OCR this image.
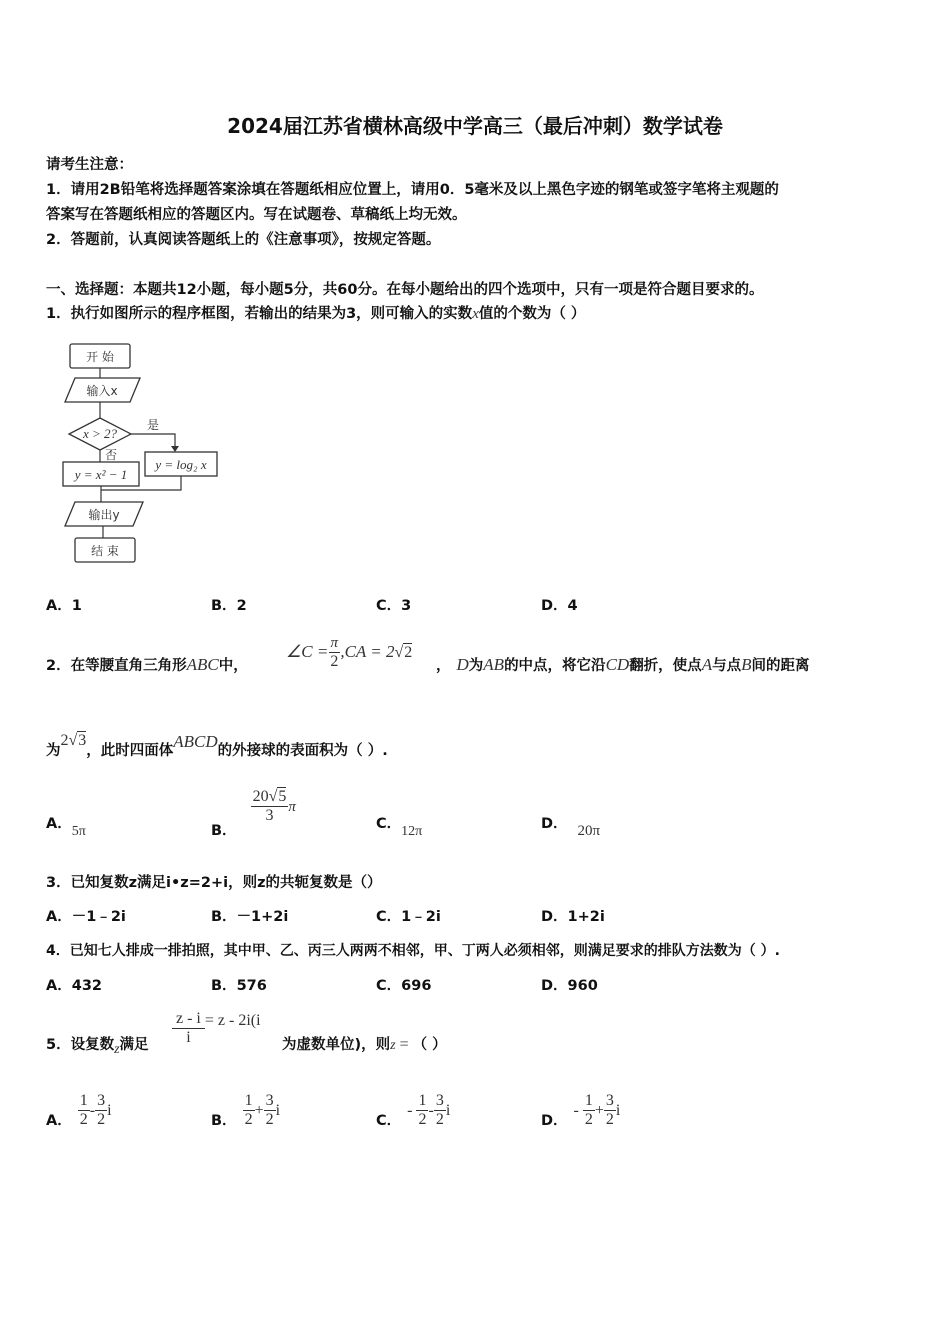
2024届江苏省横林高级中学高三（最后冲刺）数学试卷
请考生注意：
1．请用2B铅笔将选择题答案涂填在答题纸相应位置上，请用0．5毫米及以上黑色字迹的钢笔或签字笔将主观题的
答案写在答题纸相应的答题区内。写在试题卷、草稿纸上均无效。
2．答题前，认真阅读答题纸上的《注意事项》，按规定答题。
一、选择题：本题共12小题，每小题5分，共60分。在每小题给出的四个选项中，只有一项是符合题目要求的。
1．执行如图所示的程序框图，若输出的结果为3，则可输入的实数x值的个数为（ ）
开 始
输入x
x > 2?
是
否
y = x² − 1
y = log₂ x
输出y
结 束
A．1	B．2	C．3	D．4
2．在等腰直角三角形ABC中，
∠C = $\frac{\pi}{2} ,CA = 2√2$
， D为AB的中点，将它沿CD翻折，使点A与点B间的距离
为2√3，此时四面体ABCD的外接球的表面积为（ ）.
A．5π	B．
$\frac{20√5}{3}$ π
C．12π	D． 20π
3．已知复数z满足i•z=2+i，则z的共轭复数是（）
A．－1﹣2i	B．－1+2i	C．1﹣2i	D．1+2i
4．已知七人排成一排拍照，其中甲、乙、丙三人两两不相邻，甲、丁两人必须相邻，则满足要求的排队方法数为（ ）.
A．432	B．576	C．696	D．960
5．设复数z满足 $\frac{z - i}{i} = z - 2i(i$
为虚数单位)，则z = （ ）
A． $\frac{1}{2} - \frac{3}{2}$ i
B． $\frac{1}{2} + \frac{3}{2}$ i
C．- $\frac{1}{2} - \frac{3}{2}$ i
D．- $\frac{1}{2} + \frac{3}{2}$ i
